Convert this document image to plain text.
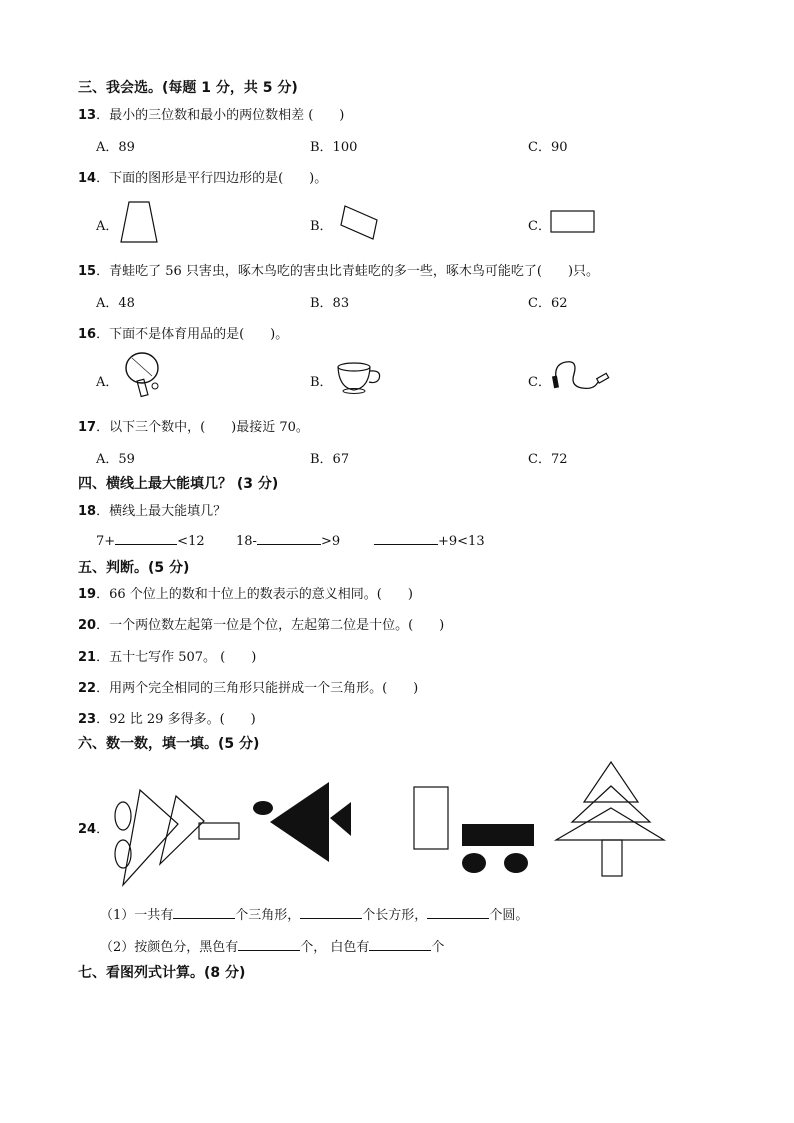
三、我会选。(每题 1 分，共 5 分)
13．最小的三位数和最小的两位数相差 (　　)
A．89	B．100	C．90
14．下面的图形是平行四边形的是(　　)。
A．	B．	C．
15．青蛙吃了 56 只害虫，啄木鸟吃的害虫比青蛙吃的多一些，啄木鸟可能吃了(　　)只。
A．48	B．83	C．62
16．下面不是体育用品的是(　　)。
A．	B．	C．
17．以下三个数中，(　　)最接近 70。
A．59	B．67	C．72
四、横线上最大能填几？ (3 分)
18．横线上最大能填几？
7+	<12 18-	>9	+9<13
五、判断。(5 分)
19．66 个位上的数和十位上的数表示的意义相同。(　　)
20．一个两位数左起第一位是个位，左起第二位是十位。(　　)
21．五十七写作 507。 (　　)
22．用两个完全相同的三角形只能拼成一个三角形。(　　)
23．92 比 29 多得多。(　　)
六、数一数，填一填。(5 分)
24．
（1）一共有	个三角形，	个长方形，	个圆。
（2）按颜色分，黑色有	个， 白色有	个
七、看图列式计算。(8 分)
